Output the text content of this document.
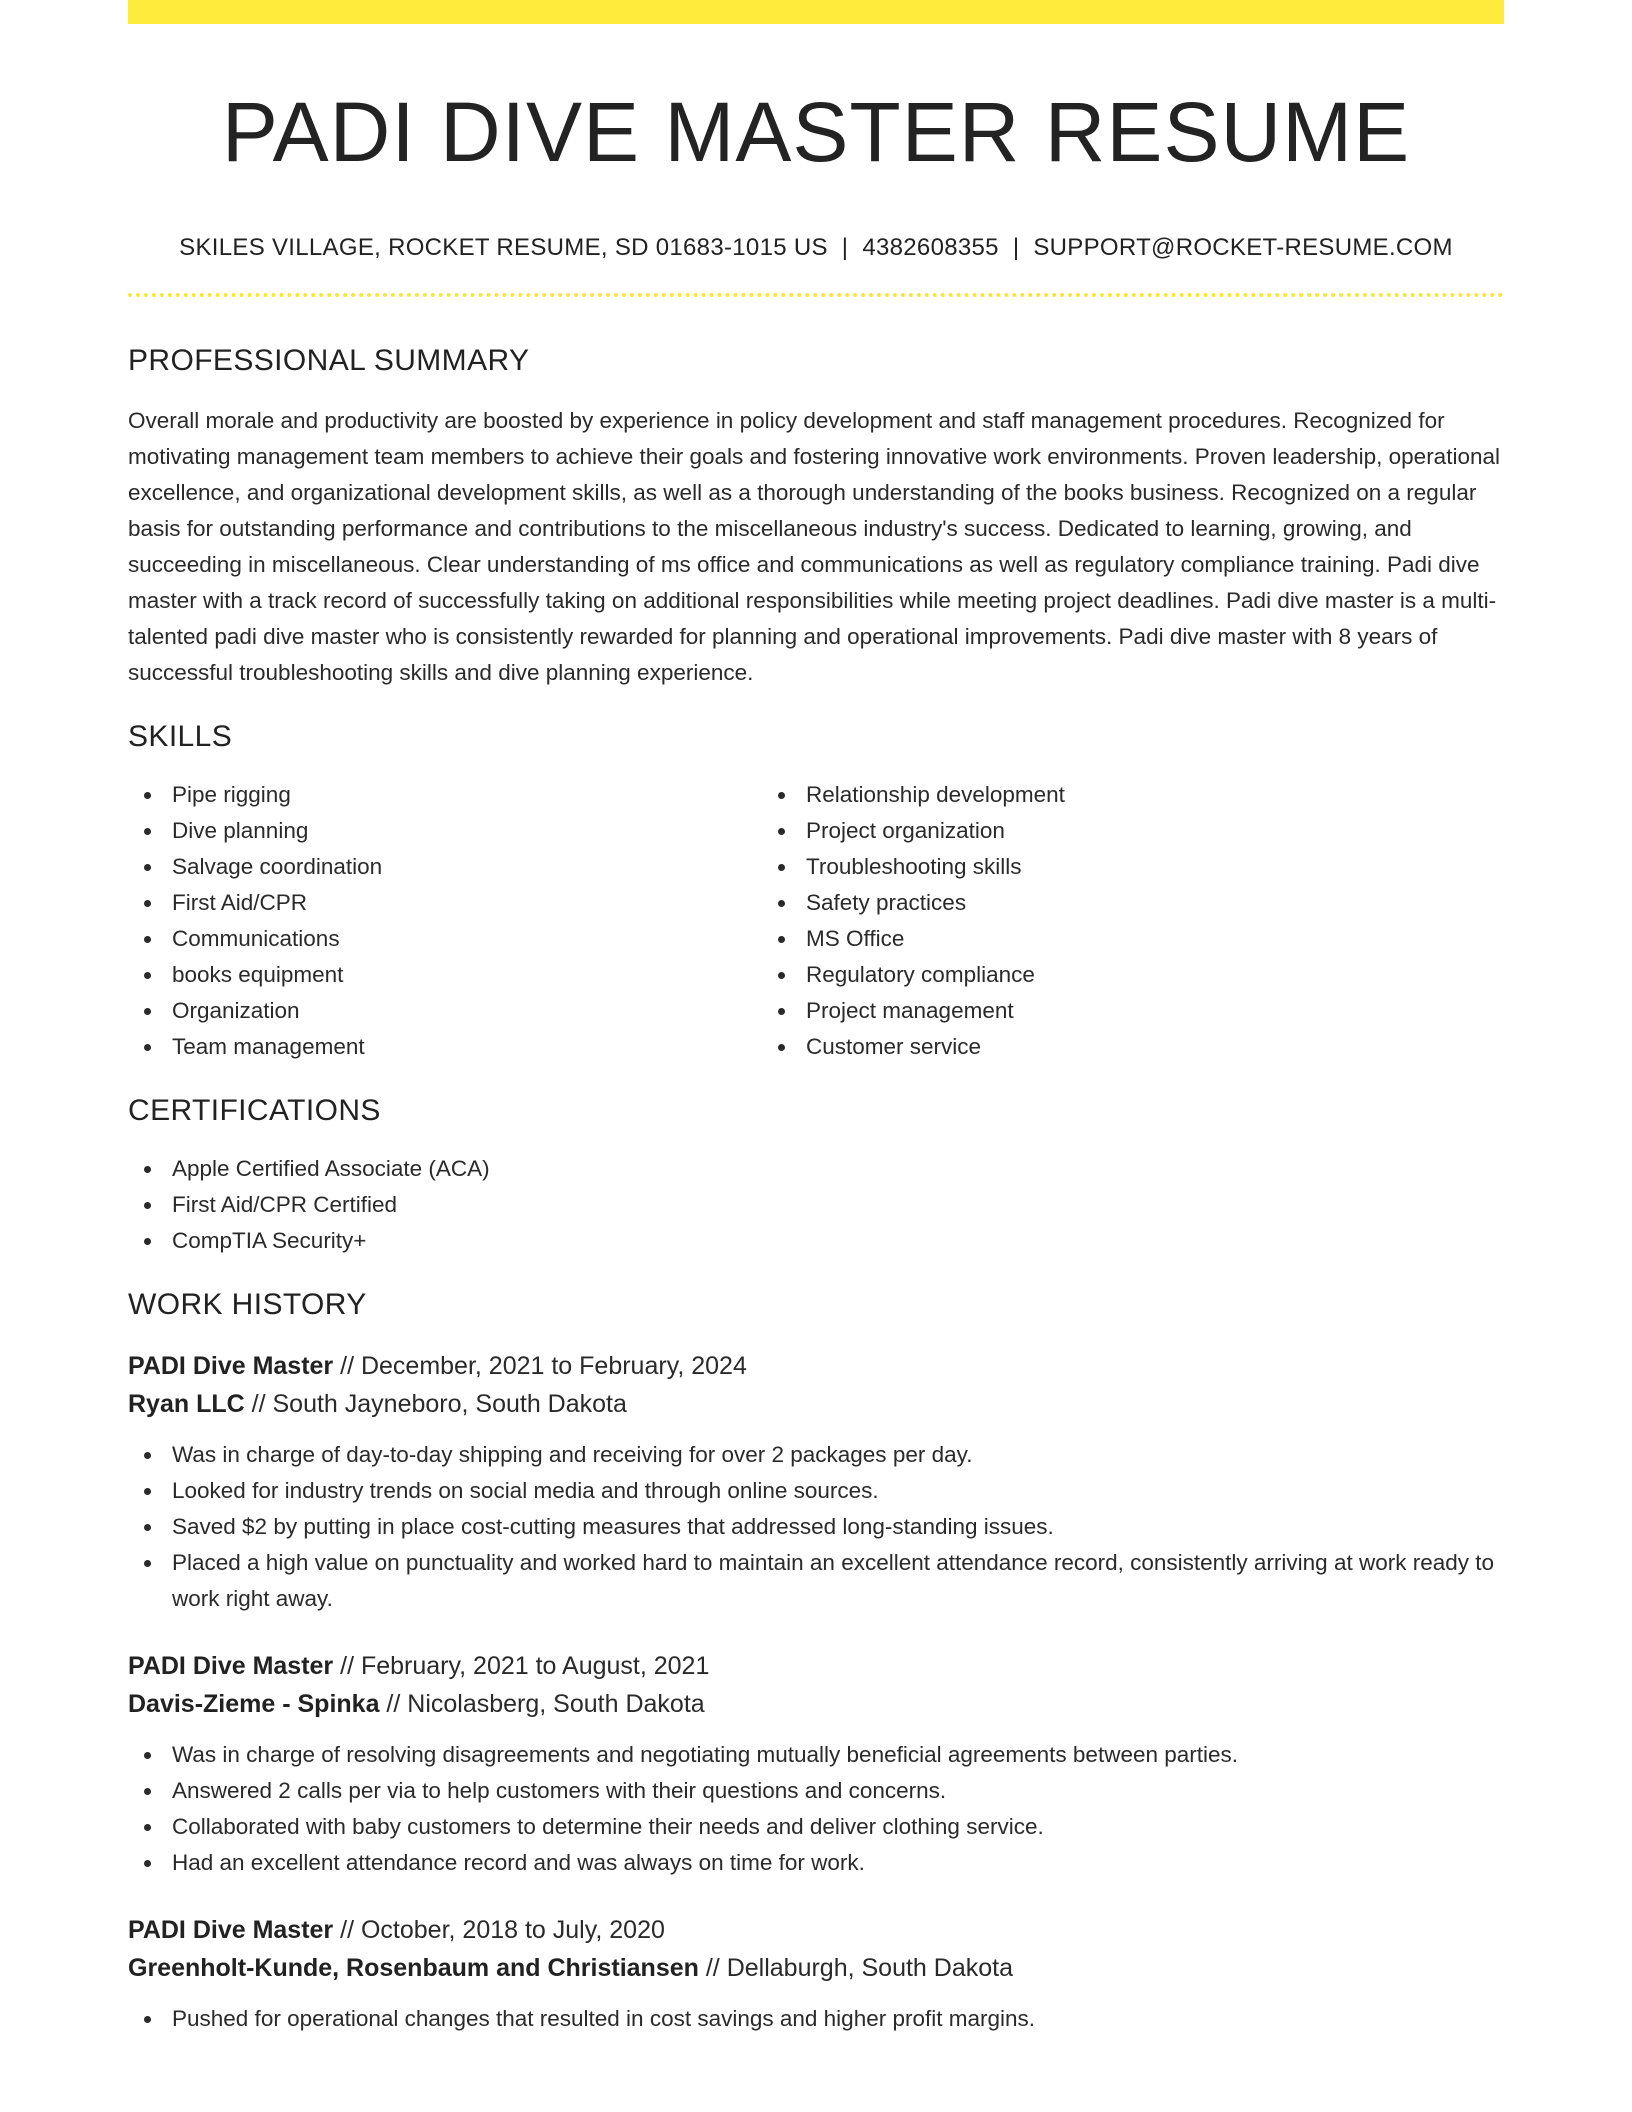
PADI DIVE MASTER RESUME
SKILES VILLAGE, ROCKET RESUME, SD 01683-1015 US | 4382608355 | SUPPORT@ROCKET-RESUME.COM
PROFESSIONAL SUMMARY

Overall morale and productivity are boosted by experience in policy development and staff management procedures. Recognized for motivating management team members to achieve their goals and fostering innovative work environments. Proven leadership, operational excellence, and organizational development skills, as well as a thorough understanding of the books business. Recognized on a regular basis for outstanding performance and contributions to the miscellaneous industry's success. Dedicated to learning, growing, and succeeding in miscellaneous. Clear understanding of ms office and communications as well as regulatory compliance training. Padi dive master with a track record of successfully taking on additional responsibilities while meeting project deadlines. Padi dive master is a multi-talented padi dive master who is consistently rewarded for planning and operational improvements. Padi dive master with 8 years of successful troubleshooting skills and dive planning experience.

SKILLS
Pipe rigging
Dive planning
Salvage coordination
First Aid/CPR
Communications
books equipment
Organization
Team management
Relationship development
Project organization
Troubleshooting skills
Safety practices
MS Office
Regulatory compliance
Project management
Customer service
CERTIFICATIONS
Apple Certified Associate (ACA)
First Aid/CPR Certified
CompTIA Security+
WORK HISTORY
PADI Dive Master // December, 2021 to February, 2024
Ryan LLC // South Jayneboro, South Dakota
Was in charge of day-to-day shipping and receiving for over 2 packages per day.
Looked for industry trends on social media and through online sources.
Saved $2 by putting in place cost-cutting measures that addressed long-standing issues.
Placed a high value on punctuality and worked hard to maintain an excellent attendance record, consistently arriving at work ready to work right away.
PADI Dive Master // February, 2021 to August, 2021
Davis-Zieme - Spinka // Nicolasberg, South Dakota
Was in charge of resolving disagreements and negotiating mutually beneficial agreements between parties.
Answered 2 calls per via to help customers with their questions and concerns.
Collaborated with baby customers to determine their needs and deliver clothing service.
Had an excellent attendance record and was always on time for work.
PADI Dive Master // October, 2018 to July, 2020
Greenholt-Kunde, Rosenbaum and Christiansen // Dellaburgh, South Dakota
Pushed for operational changes that resulted in cost savings and higher profit margins.
